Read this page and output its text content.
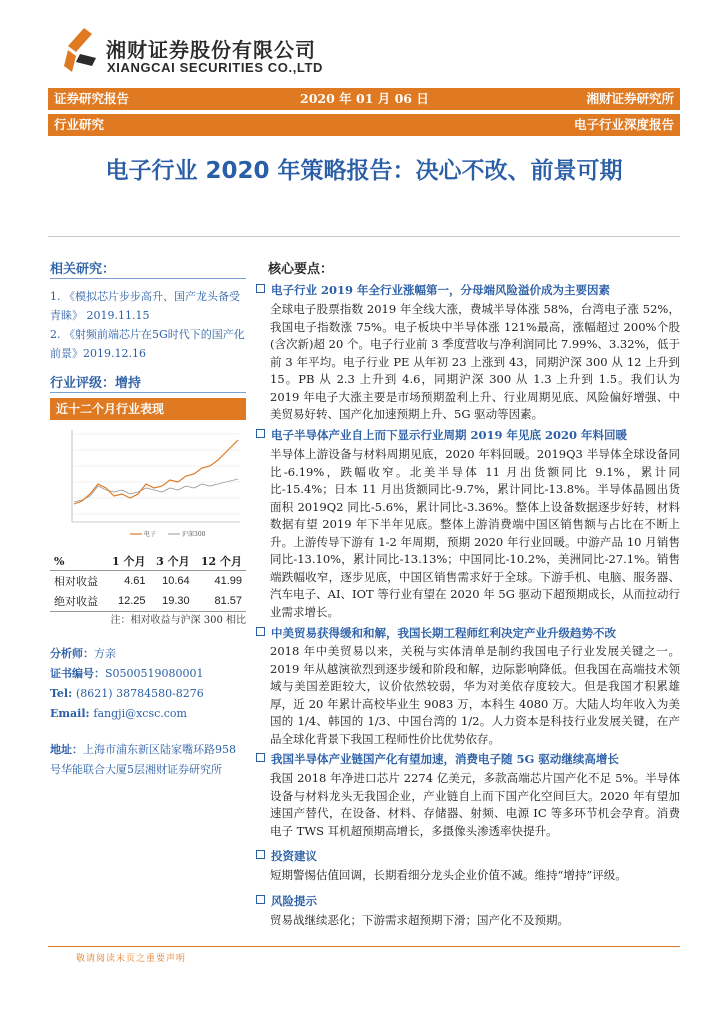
湘财证券股份有限公司
XIANGCAI SECURITIES CO.,LTD
证券研究报告	2020 年 01 月 06 日	湘财证券研究所
行业研究	电子行业深度报告
电子行业 2020 年策略报告：决心不改、前景可期
相关研究：
1. 《模拟芯片步步高升、国产龙头备受青睐》 2019.11.15
2. 《射频前端芯片在5G时代下的国产化前景》2019.12.16
行业评级：增持
近十二个月行业表现
电子	沪深300
%	1 个月	3 个月	12 个月
相对收益	4.61	10.64	41.99
绝对收益	12.25	19.30	81.57
注：相对收益与沪深 300 相比
分析师：方亲
证书编号：S0500519080001
Tel: (8621) 38784580-8276
Email: fangji@xcsc.com
地址：上海市浦东新区陆家嘴环路958号华能联合大厦5层湘财证券研究所
核心要点：
电子行业 2019 年全行业涨幅第一，分母端风险溢价成为主要因素
全球电子股票指数 2019 年全线大涨，费城半导体涨 58%，台湾电子涨 52%，我国电子指数涨 75%。电子板块中半导体涨 121%最高，涨幅超过 200%个股(含次新)超 20 个。电子行业前 3 季度营收与净利润同比 7.99%、3.32%，低于前 3 年平均。电子行业 PE 从年初 23 上涨到 43，同期沪深 300 从 12 上升到 15。PB 从 2.3 上升到 4.6，同期沪深 300 从 1.3 上升到 1.5。我们认为 2019 年电子大涨主要是市场预期盈利上升、行业周期见底、风险偏好增强、中美贸易好转、国产化加速预期上升、5G 驱动等因素。
电子半导体产业自上而下显示行业周期 2019 年见底 2020 年料回暖
半导体上游设备与材料周期见底，2020 年料回暖。2019Q3 半导体全球设备同比-6.19%，跌幅收窄。北美半导体 11 月出货额同比 9.1%，累计同比-15.4%；日本 11 月出货额同比-9.7%，累计同比-13.8%。半导体晶圆出货面积 2019Q2 同比-5.6%，累计同比-3.36%。整体上设备数据逐步好转，材料数据有望 2019 年下半年见底。整体上游消费端中国区销售额与占比在不断上升。上游传导下游有 1-2 年周期，预期 2020 年行业回暖。中游产品 10 月销售同比-13.10%，累计同比-13.13%；中国同比-10.2%，美洲同比-27.1%。销售端跌幅收窄，逐步见底，中国区销售需求好于全球。下游手机、电脑、服务器、汽车电子、AI、IOT 等行业有望在 2020 年 5G 驱动下超预期成长，从而拉动行业需求增长。
中美贸易获得缓和和解，我国长期工程师红利决定产业升级趋势不改
2018 年中美贸易以来，关税与实体清单是制约我国电子行业发展关键之一。2019 年从越演欲烈到逐步缓和阶段和解，边际影响降低。但我国在高端技术领域与美国差距较大，议价依然较弱，华为对美依存度较大。但是我国才积累雄厚，近 20 年累计高校毕业生 9083 万，本科生 4080 万。大陆人均年收入为美国的 1/4、韩国的 1/3、中国台湾的 1/2。人力资本是科技行业发展关键，在产品全球化背景下我国工程师性价比优势依存。
我国半导体产业链国产化有望加速，消费电子随 5G 驱动继续高增长
我国 2018 年净进口芯片 2274 亿美元，多款高端芯片国产化不足 5%。半导体设备与材料龙头无我国企业，产业链自上而下国产化空间巨大。2020 年有望加速国产替代，在设备、材料、存储器、射频、电源 IC 等多环节机会孕育。消费电子 TWS 耳机超预期高增长，多摄像头渗透率快提升。
投资建议
短期警惕估值回调，长期看细分龙头企业价值不减。维持“增持”评级。
风险提示
贸易战继续恶化；下游需求超预期下滑；国产化不及预期。
敬请阅读末页之重要声明
